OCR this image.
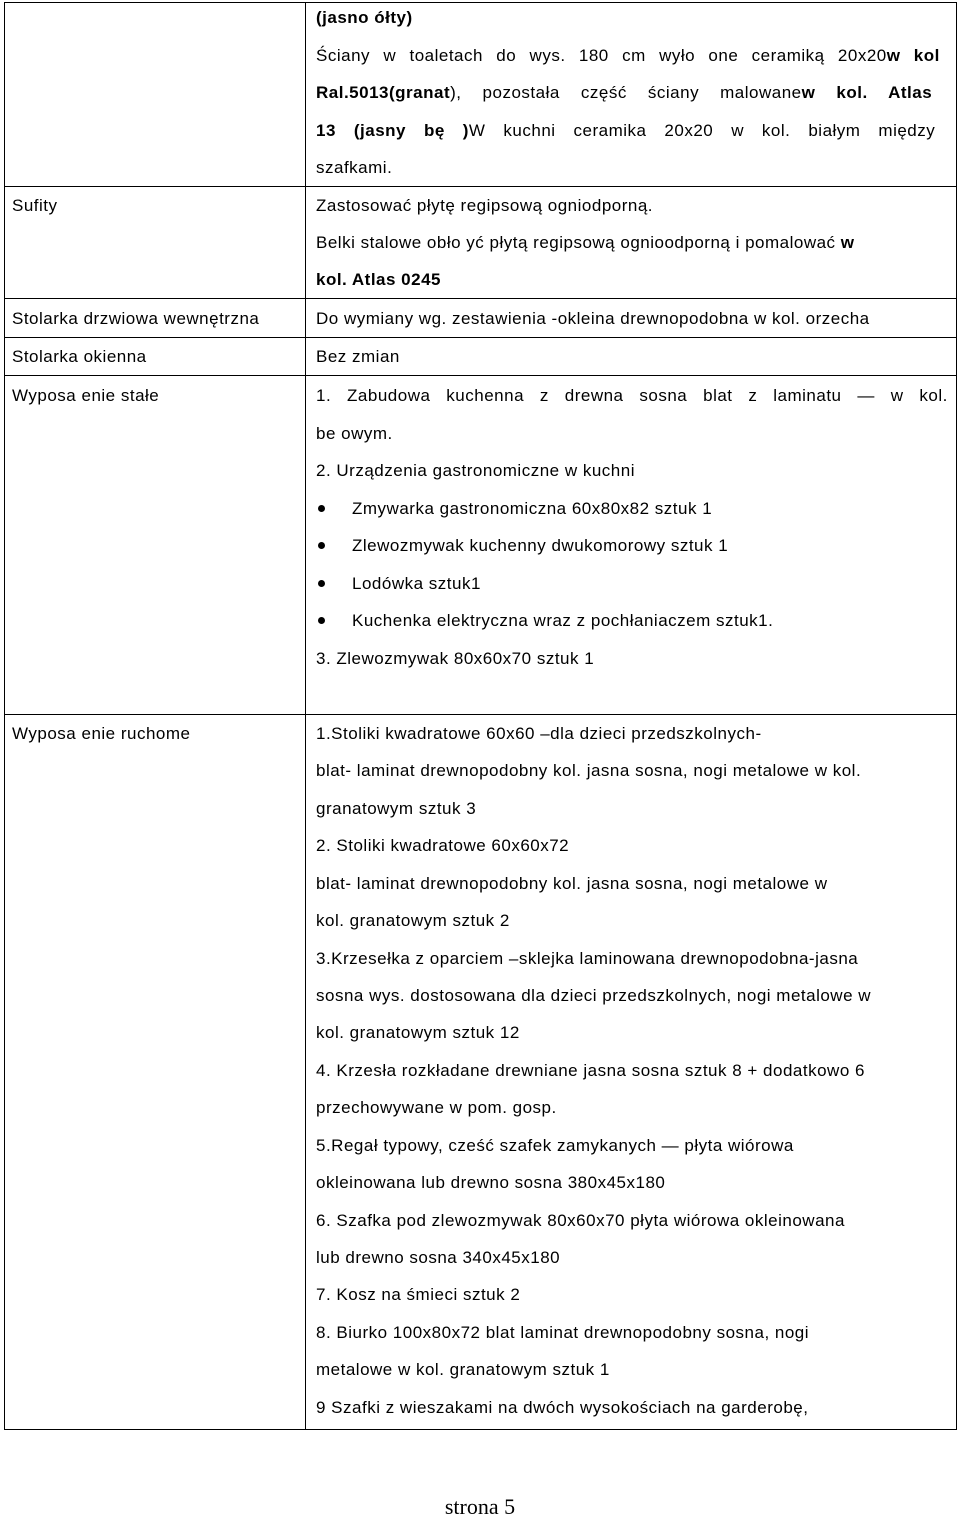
(jasno ółty)
Ściany w toaletach do wys. 180 cm wyło one ceramiką 20x20w kol
Ral.5013(granat), pozostała część ściany malowanew kol. Atlas
13 (jasny bę )W kuchni ceramika 20x20 w kol. białym między
szafkami.
Sufity	Zastosować płytę regipsową ogniodporną.
Belki stalowe obło yć płytą regipsową ognioodporną i pomalować w
kol. Atlas 0245
Stolarka drzwiowa wewnętrzna	Do wymiany wg. zestawienia -okleina drewnopodobna w kol. orzecha
Stolarka okienna	Bez zmian
Wyposa enie stałe	1. Zabudowa kuchenna z drewna sosna blat z laminatu — w kol.
be owym.
2. Urządzenia gastronomiczne w kuchni
Zmywarka gastronomiczna 60x80x82 sztuk 1
Zlewozmywak kuchenny dwukomorowy sztuk 1
Lodówka sztuk1
Kuchenka elektryczna wraz z pochłaniaczem sztuk1.
3. Zlewozmywak 80x60x70 sztuk 1
Wyposa enie ruchome	1.Stoliki kwadratowe 60x60 –dla dzieci przedszkolnych-
blat- laminat drewnopodobny kol. jasna sosna, nogi metalowe w kol.
granatowym sztuk 3
2. Stoliki kwadratowe 60x60x72
blat- laminat drewnopodobny kol. jasna sosna, nogi metalowe w
kol. granatowym sztuk 2
3.Krzesełka z oparciem –sklejka laminowana drewnopodobna-jasna
sosna wys. dostosowana dla dzieci przedszkolnych, nogi metalowe w
kol. granatowym sztuk 12
4. Krzesła rozkładane drewniane jasna sosna sztuk 8 + dodatkowo 6
przechowywane w pom. gosp.
5.Regał typowy, cześć szafek zamykanych — płyta wiórowa
okleinowana lub drewno sosna 380x45x180
6. Szafka pod zlewozmywak 80x60x70 płyta wiórowa okleinowana
lub drewno sosna 340x45x180
7. Kosz na śmieci sztuk 2
8. Biurko 100x80x72 blat laminat drewnopodobny sosna, nogi
metalowe w kol. granatowym sztuk 1
9 Szafki z wieszakami na dwóch wysokościach na garderobę,
strona 5
